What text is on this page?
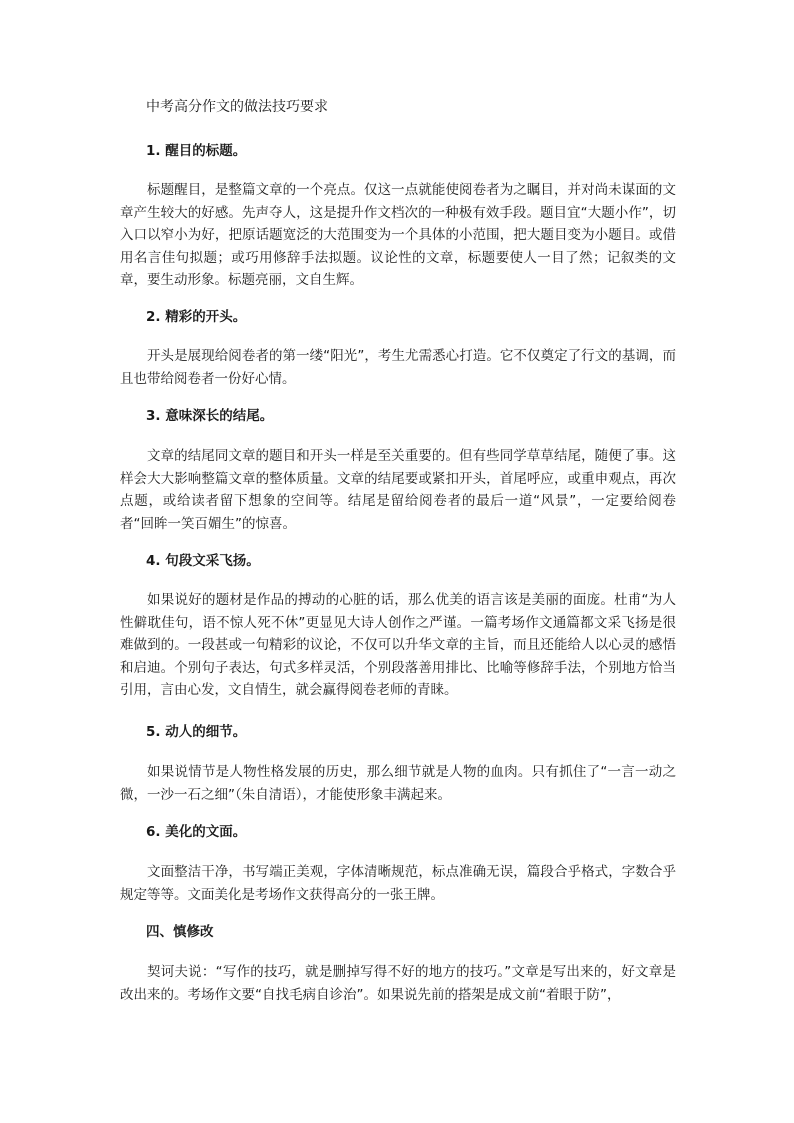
中考高分作文的做法技巧要求
1. 醒目的标题。

标题醒目，是整篇文章的一个亮点。仅这一点就能使阅卷者为之瞩目，并对尚未谋面的文章产生较大的好感。先声夺人，这是提升作文档次的一种极有效手段。题目宜“大题小作”，切入口以窄小为好，把原话题宽泛的大范围变为一个具体的小范围，把大题目变为小题目。或借用名言佳句拟题；或巧用修辞手法拟题。议论性的文章，标题要使人一目了然；记叙类的文章，要生动形象。标题亮丽，文自生辉。

2. 精彩的开头。

开头是展现给阅卷者的第一缕“阳光”，考生尤需悉心打造。它不仅奠定了行文的基调，而且也带给阅卷者一份好心情。

3. 意味深长的结尾。

文章的结尾同文章的题目和开头一样是至关重要的。但有些同学草草结尾，随便了事。这样会大大影响整篇文章的整体质量。文章的结尾要或紧扣开头，首尾呼应，或重申观点，再次点题，或给读者留下想象的空间等。结尾是留给阅卷者的最后一道“风景”，一定要给阅卷者“回眸一笑百媚生”的惊喜。

4. 句段文采飞扬。

如果说好的题材是作品的搏动的心脏的话，那么优美的语言该是美丽的面庞。杜甫“为人性僻耽佳句，语不惊人死不休”更显见大诗人创作之严谨。一篇考场作文通篇都文采飞扬是很难做到的。一段甚或一句精彩的议论，不仅可以升华文章的主旨，而且还能给人以心灵的感悟和启迪。个别句子表达，句式多样灵活，个别段落善用排比、比喻等修辞手法，个别地方恰当引用，言由心发，文自情生，就会赢得阅卷老师的青睐。

5. 动人的细节。

如果说情节是人物性格发展的历史，那么细节就是人物的血肉。只有抓住了“一言一动之微，一沙一石之细”（朱自清语），才能使形象丰满起来。

6. 美化的文面。

文面整洁干净，书写端正美观，字体清晰规范，标点准确无误，篇段合乎格式，字数合乎规定等等。文面美化是考场作文获得高分的一张王牌。

四、慎修改

契诃夫说：“写作的技巧，就是删掉写得不好的地方的技巧。”文章是写出来的，好文章是改出来的。考场作文要“自找毛病自诊治”。如果说先前的搭架是成文前“着眼于防”，
